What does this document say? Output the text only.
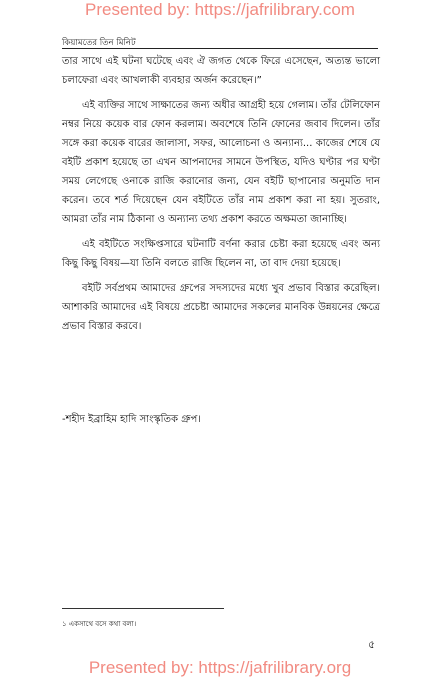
Presented by: https://jafrilibrary.com
কিয়ামতের তিন মিনিট

তার সাথে এই ঘটনা ঘটেছে এবং ঐ জগত থেকে ফিরে এসেছেন, অত্যন্ত ভালো চলাফেরা এবং আখলাকী ব্যবহার অর্জন করেছেন।”

এই ব্যক্তির সাথে সাক্ষাতের জন্য অধীর আগ্রহী হয়ে গেলাম। তাঁর টেলিফোন নম্বর নিয়ে কয়েক বার ফোন করলাম। অবশেষে তিনি ফোনের জবাব দিলেন। তাঁর সঙ্গে করা কয়েক বারের জালাসা, সফর, আলোচনা ও অন্যান্য... কাজের শেষে যে বইটি প্রকাশ হয়েছে তা এখন আপনাদের সামনে উপস্থিত, যদিও ঘণ্টার পর ঘণ্টা সময় লেগেছে ওনাকে রাজি করানোর জন্য, যেন বইটি ছাপানোর অনুমতি দান করেন। তবে শর্ত দিয়েছেন যেন বইটিতে তাঁর নাম প্রকাশ করা না হয়। সুতরাং, আমরা তাঁর নাম ঠিকানা ও অন্যান্য তথ্য প্রকাশ করতে অক্ষমতা জানাচ্ছি।

এই বইটিতে সংক্ষিপ্তসারে ঘটনাটি বর্ণনা করার চেষ্টা করা হয়েছে এবং অন্য কিছু কিছু বিষয়—যা তিনি বলতে রাজি ছিলেন না, তা বাদ দেয়া হয়েছে।

বইটি সর্বপ্রথম আমাদের গ্রুপের সদস্যদের মধ্যে খুব প্রভাব বিস্তার করেছিল। আশাকরি আমাদের এই বিষয়ে প্রচেষ্টা আমাদের সকলের মানবিক উন্নয়নের ক্ষেত্রে প্রভাব বিস্তার করবে।

-শহীদ ইব্রাহিম হাদি সাংস্কৃতিক গ্রুপ।
১ একসাথে বসে কথা বলা।
৫
Presented by: https://jafrilibrary.org
